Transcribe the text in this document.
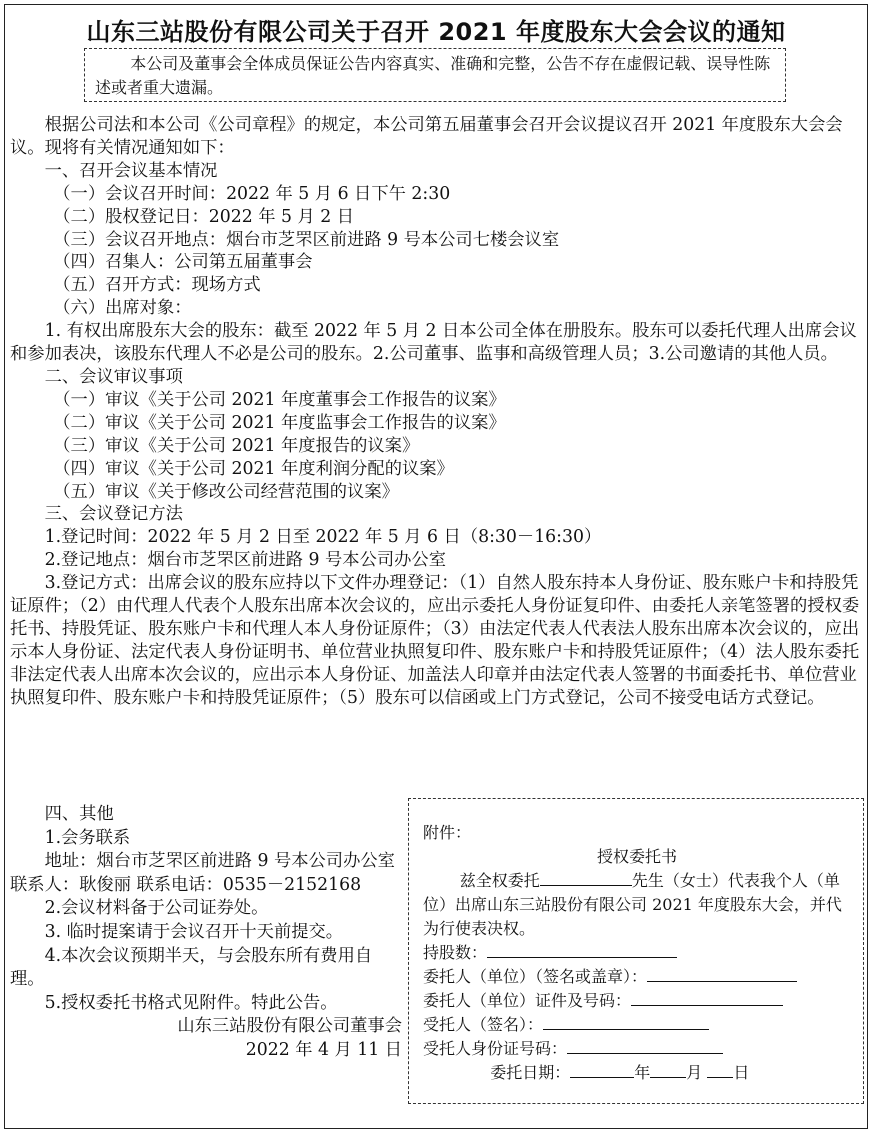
山东三站股份有限公司关于召开 2021 年度股东大会会议的通知

本公司及董事会全体成员保证公告内容真实、准确和完整，公告不存在虚假记载、误导性陈述或者重大遗漏。

根据公司法和本公司《公司章程》的规定，本公司第五届董事会召开会议提议召开 2021 年度股东大会会议。现将有关情况通知如下：

一、召开会议基本情况

（一）会议召开时间：2022 年 5 月 6 日下午 2:30

（二）股权登记日：2022 年 5 月 2 日

（三）会议召开地点：烟台市芝罘区前进路 9 号本公司七楼会议室

（四）召集人：公司第五届董事会

（五）召开方式：现场方式

（六）出席对象：

1. 有权出席股东大会的股东：截至 2022 年 5 月 2 日本公司全体在册股东。股东可以委托代理人出席会议和参加表决，该股东代理人不必是公司的股东。2.公司董事、监事和高级管理人员；3.公司邀请的其他人员。

二、会议审议事项

（一）审议《关于公司 2021 年度董事会工作报告的议案》

（二）审议《关于公司 2021 年度监事会工作报告的议案》

（三）审议《关于公司 2021 年度报告的议案》

（四）审议《关于公司 2021 年度利润分配的议案》

（五）审议《关于修改公司经营范围的议案》

三、会议登记方法

1.登记时间：2022 年 5 月 2 日至 2022 年 5 月 6 日（8:30－16:30）

2.登记地点：烟台市芝罘区前进路 9 号本公司办公室

3.登记方式：出席会议的股东应持以下文件办理登记：（1）自然人股东持本人身份证、股东账户卡和持股凭证原件；（2）由代理人代表个人股东出席本次会议的，应出示委托人身份证复印件、由委托人亲笔签署的授权委托书、持股凭证、股东账户卡和代理人本人身份证原件；（3）由法定代表人代表法人股东出席本次会议的，应出示本人身份证、法定代表人身份证明书、单位营业执照复印件、股东账户卡和持股凭证原件；（4）法人股东委托非法定代表人出席本次会议的，应出示本人身份证、加盖法人印章并由法定代表人签署的书面委托书、单位营业执照复印件、股东账户卡和持股凭证原件；（5）股东可以信函或上门方式登记，公司不接受电话方式登记。

四、其他

1.会务联系

地址：烟台市芝罘区前进路 9 号本公司办公室 联系人：耿俊丽 联系电话：0535－2152168

2.会议材料备于公司证券处。

3. 临时提案请于会议召开十天前提交。

4.本次会议预期半天，与会股东所有费用自理。

5.授权委托书格式见附件。特此公告。

山东三站股份有限公司董事会

2022 年 4 月 11 日

附件：

授权委托书

兹全权委托	先生（女士）代表我个人（单位）出席山东三站股份有限公司 2021 年度股东大会，并代为行使表决权。

持股数：

委托人（单位）（签名或盖章）：

委托人（单位）证件及号码：

受托人（签名）：

受托人身份证号码：

委托日期：	年 月 日
